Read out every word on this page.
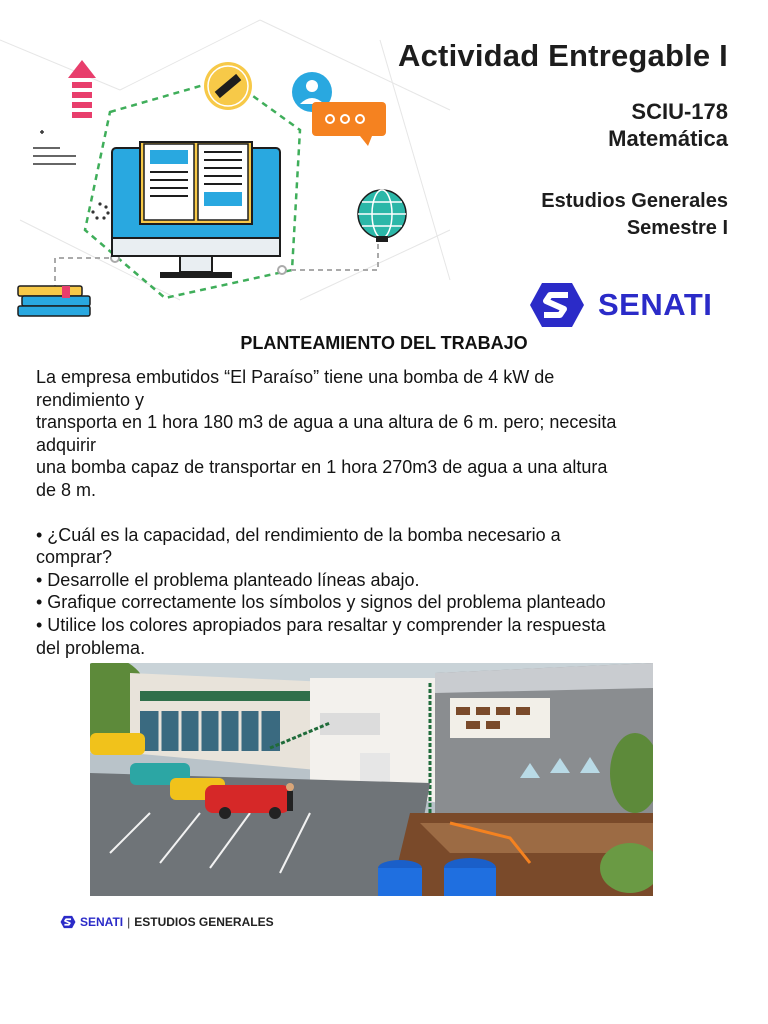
Actividad Entregable I
SCIU-178
Matemática
Estudios Generales
Semestre I
SENATI
PLANTEAMIENTO DEL TRABAJO

La empresa embutidos “El Paraíso” tiene una bomba de 4 kW de

rendimiento y

transporta en 1 hora 180 m3 de agua a una altura de 6 m. pero; necesita

adquirir

una bomba capaz de transportar en 1 hora 270m3 de agua a una altura

de 8 m.

• ¿Cuál es la capacidad, del rendimiento de la bomba necesario a

comprar?

• Desarrolle el problema planteado líneas abajo.

• Grafique correctamente los símbolos y signos del problema planteado

• Utilice los colores apropiados para resaltar y comprender la respuesta

del problema.

SENATI | ESTUDIOS GENERALES
